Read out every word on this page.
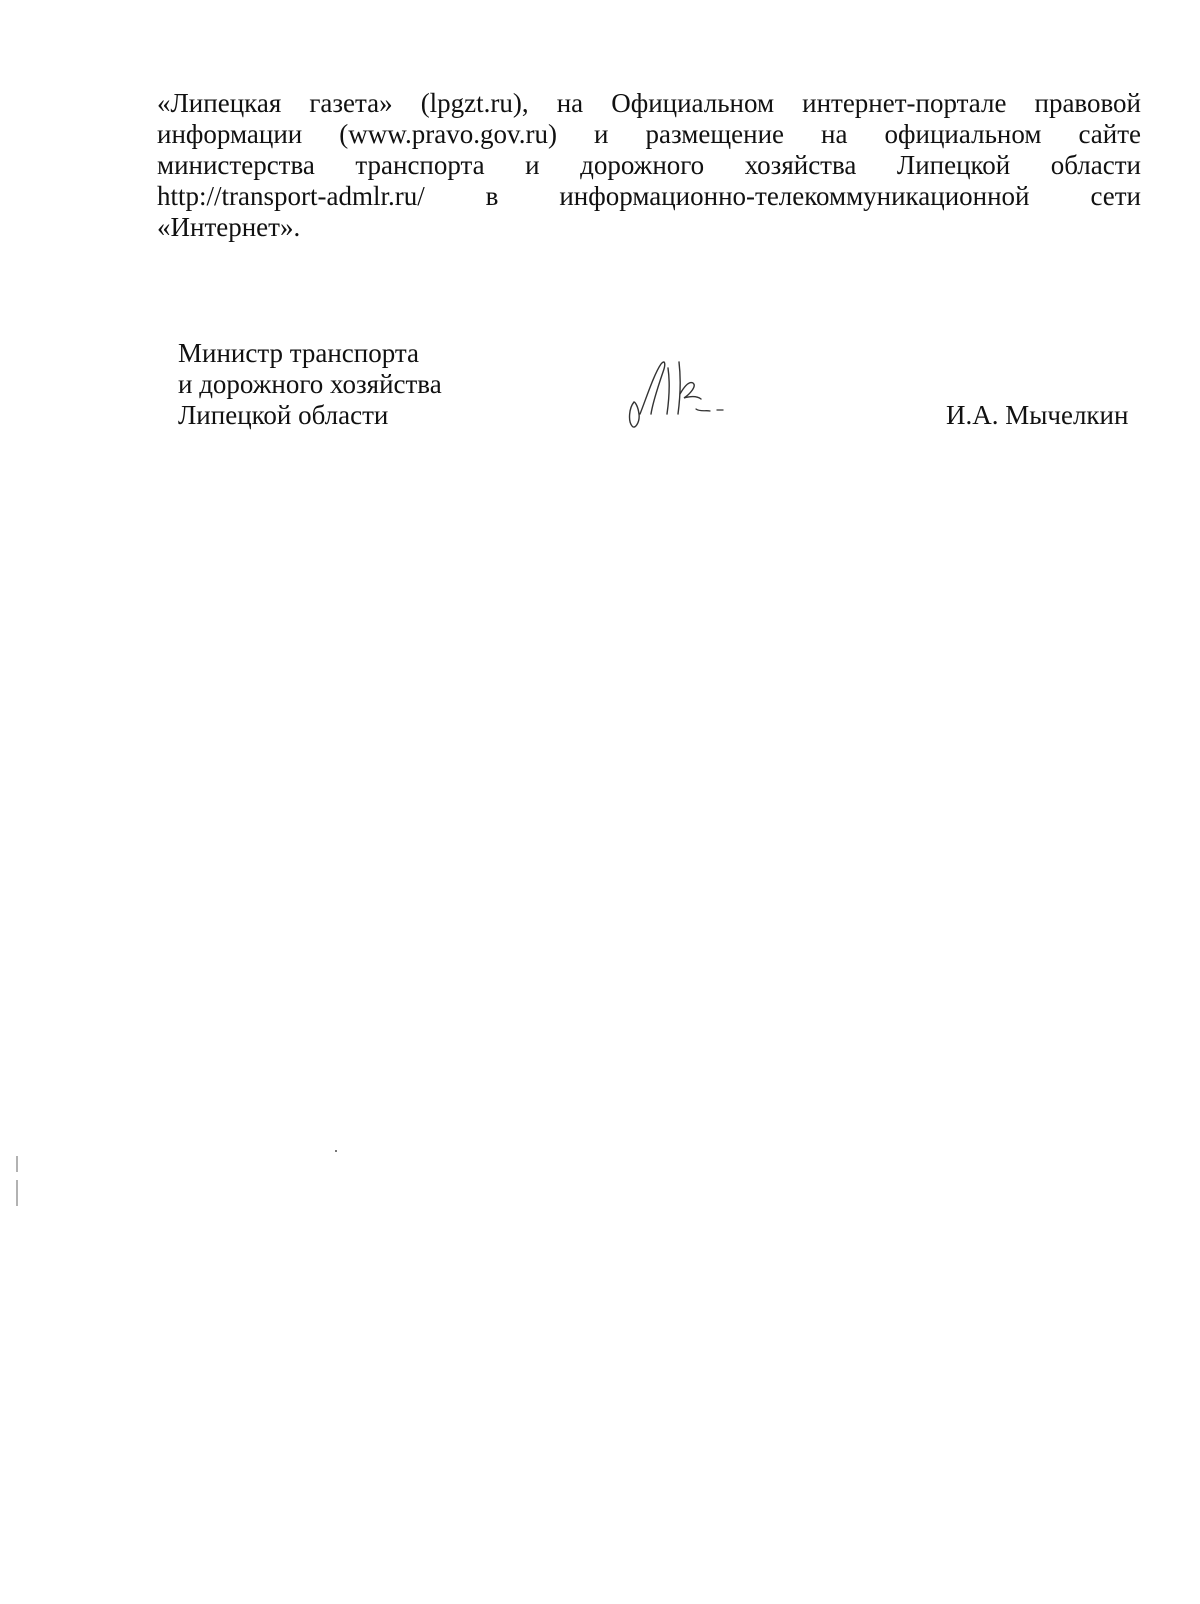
«Липецкая газета» (lpgzt.ru), на Официальном интернет-портале правовой
информации (www.pravo.gov.ru) и размещение на официальном сайте
министерства транспорта и дорожного хозяйства Липецкой области
http://transport-admlr.ru/ в информационно-телекоммуникационной сети
«Интернет».
Министр транспорта
и дорожного хозяйства
Липецкой области	И.А. Мычелкин
